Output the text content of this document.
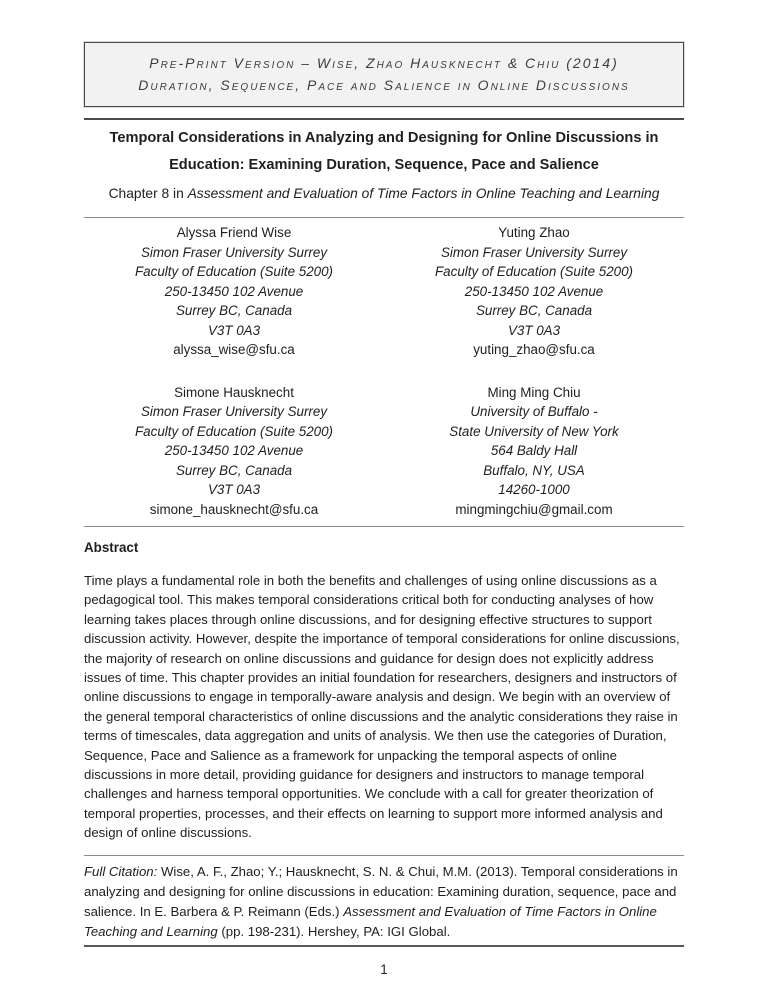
Pre-Print Version – Wise, Zhao Hausknecht & Chiu (2014)
Duration, Sequence, Pace and Salience in Online Discussions
Temporal Considerations in Analyzing and Designing for Online Discussions in Education: Examining Duration, Sequence, Pace and Salience
Chapter 8 in Assessment and Evaluation of Time Factors in Online Teaching and Learning
Alyssa Friend Wise
Simon Fraser University Surrey
Faculty of Education (Suite 5200)
250-13450 102 Avenue
Surrey BC, Canada
V3T 0A3
alyssa_wise@sfu.ca
Yuting Zhao
Simon Fraser University Surrey
Faculty of Education (Suite 5200)
250-13450 102 Avenue
Surrey BC, Canada
V3T 0A3
yuting_zhao@sfu.ca
Simone Hausknecht
Simon Fraser University Surrey
Faculty of Education (Suite 5200)
250-13450 102 Avenue
Surrey BC, Canada
V3T 0A3
simone_hausknecht@sfu.ca
Ming Ming Chiu
University of Buffalo -
State University of New York
564 Baldy Hall
Buffalo, NY, USA
14260-1000
mingmingchiu@gmail.com
Abstract

Time plays a fundamental role in both the benefits and challenges of using online discussions as a pedagogical tool. This makes temporal considerations critical both for conducting analyses of how learning takes places through online discussions, and for designing effective structures to support discussion activity. However, despite the importance of temporal considerations for online discussions, the majority of research on online discussions and guidance for design does not explicitly address issues of time. This chapter provides an initial foundation for researchers, designers and instructors of online discussions to engage in temporally-aware analysis and design. We begin with an overview of the general temporal characteristics of online discussions and the analytic considerations they raise in terms of timescales, data aggregation and units of analysis. We then use the categories of Duration, Sequence, Pace and Salience as a framework for unpacking the temporal aspects of online discussions in more detail, providing guidance for designers and instructors to manage temporal challenges and harness temporal opportunities. We conclude with a call for greater theorization of temporal properties, processes, and their effects on learning to support more informed analysis and design of online discussions.

Full Citation: Wise, A. F., Zhao; Y.; Hausknecht, S. N. & Chui, M.M. (2013). Temporal considerations in analyzing and designing for online discussions in education: Examining duration, sequence, pace and salience. In E. Barbera & P. Reimann (Eds.) Assessment and Evaluation of Time Factors in Online Teaching and Learning (pp. 198-231). Hershey, PA: IGI Global.

1
